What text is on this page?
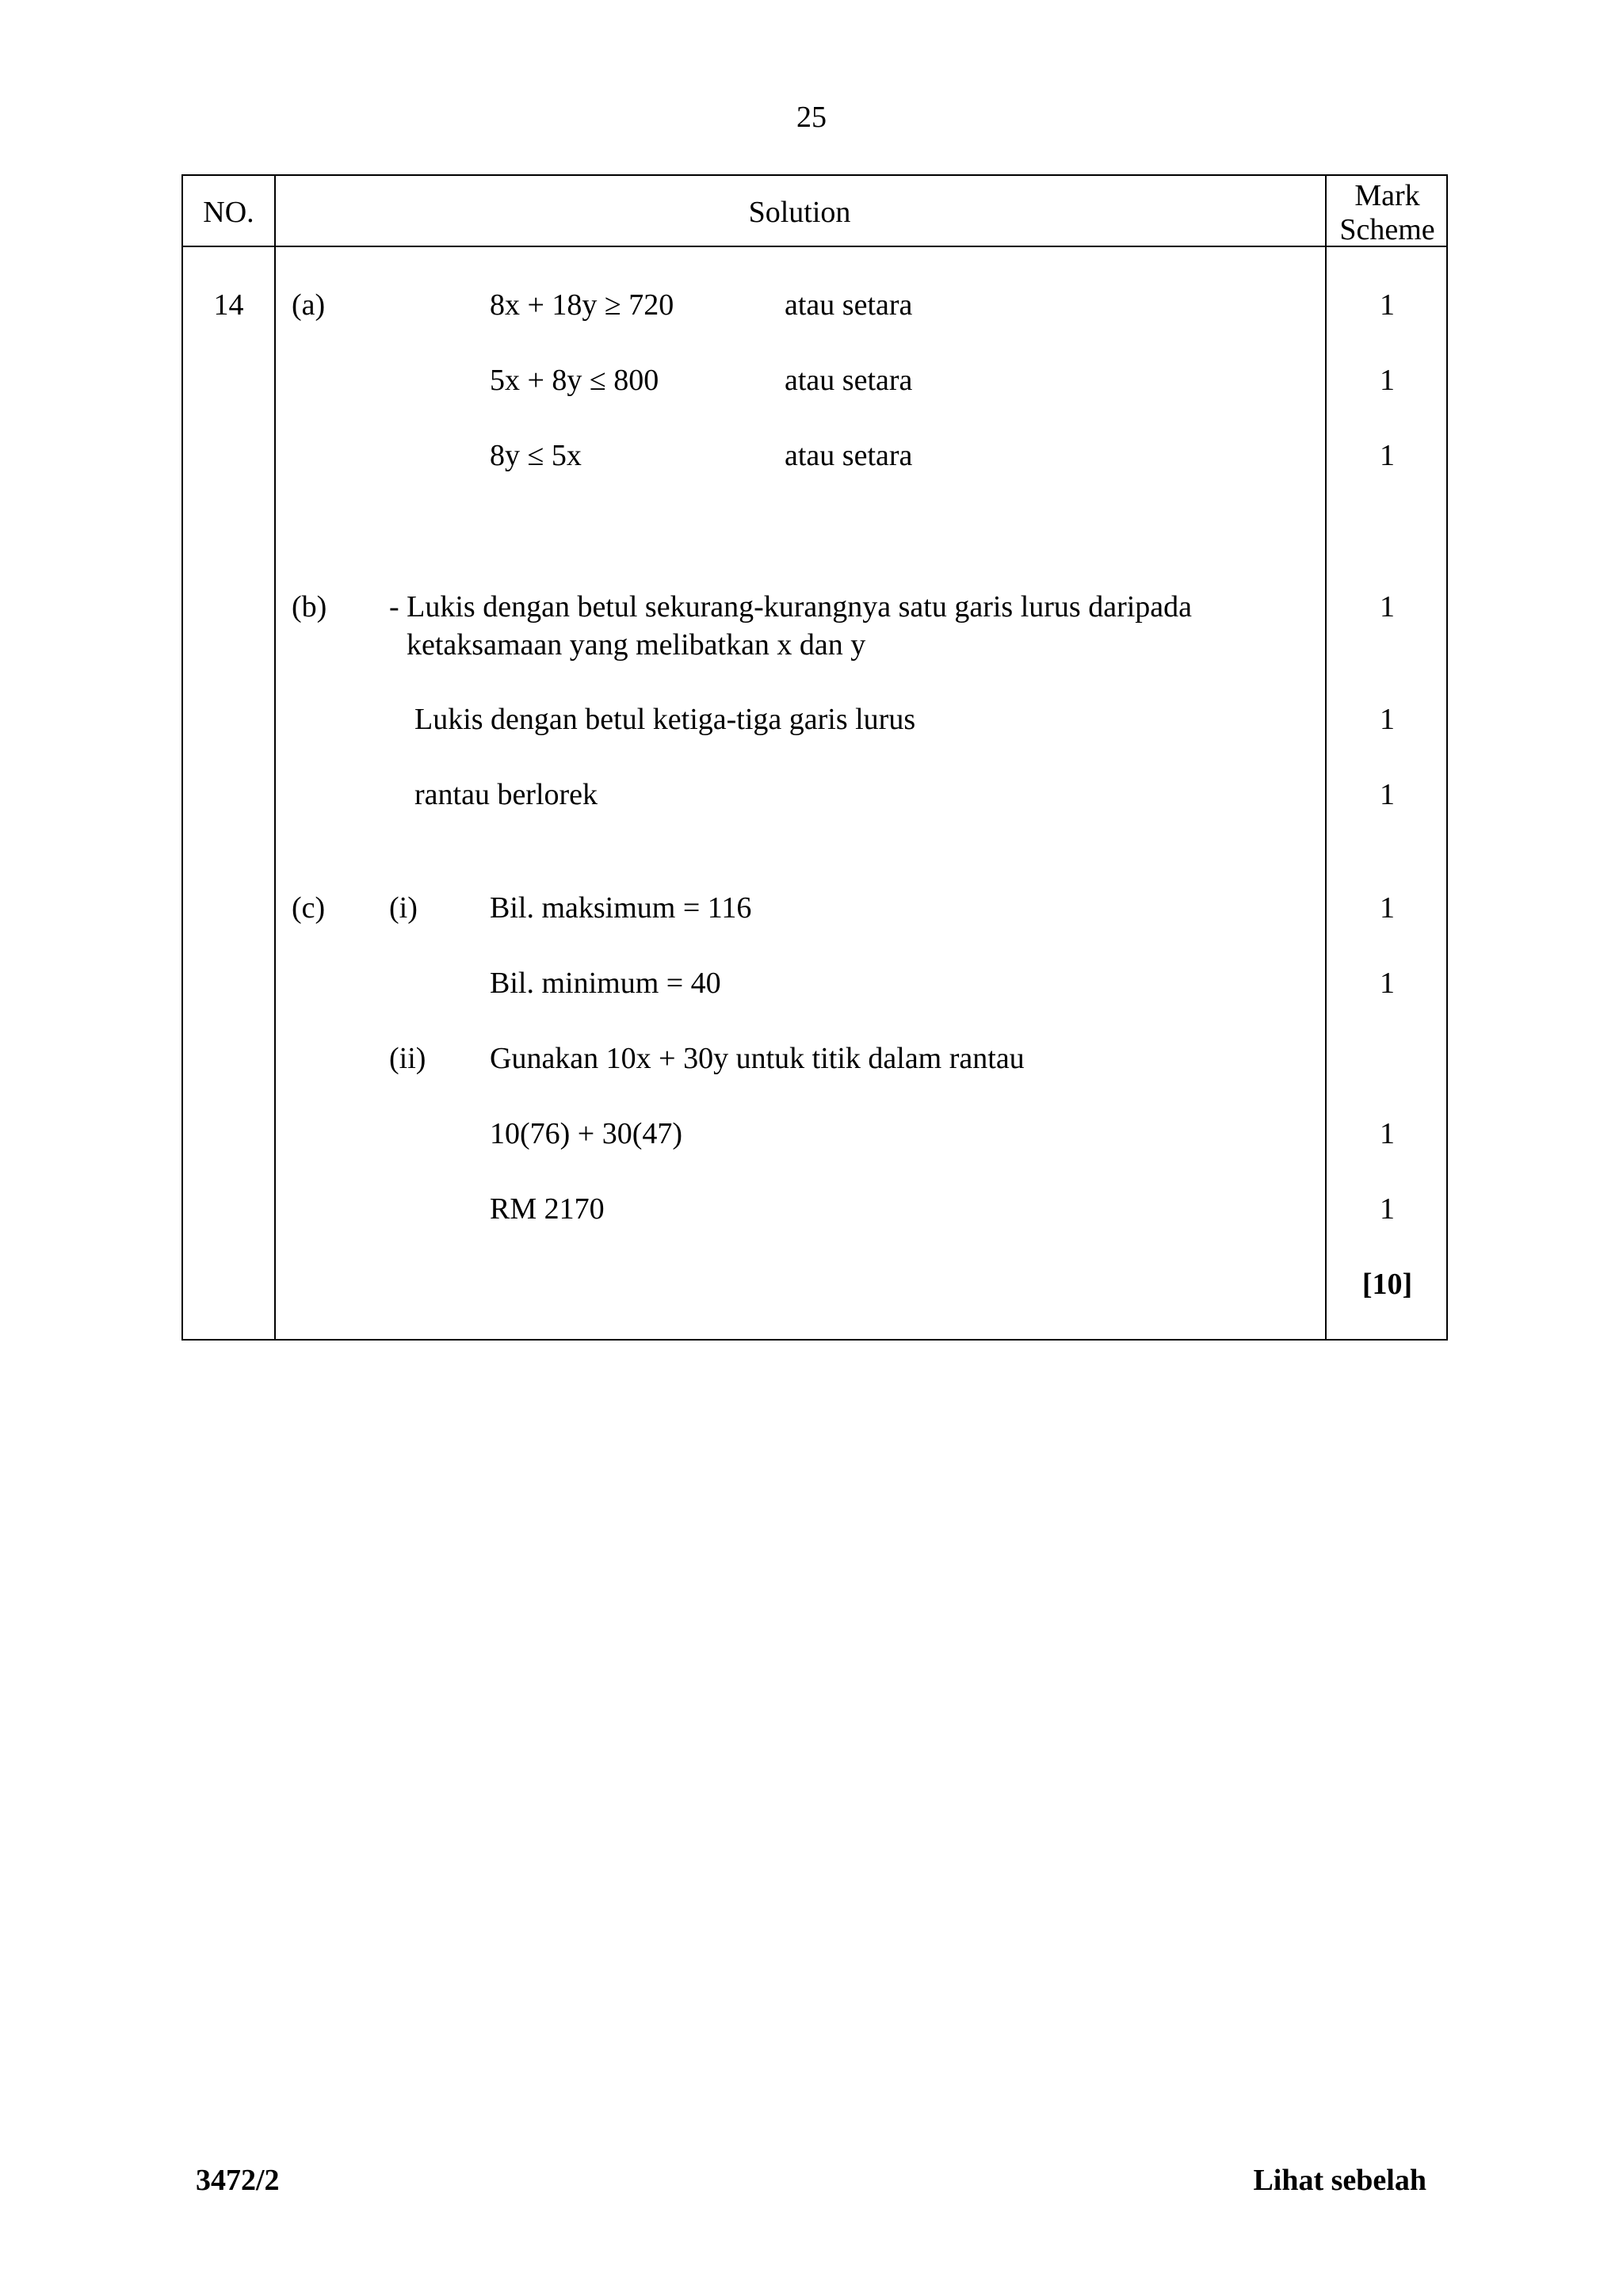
25
NO.	Solution	Mark
Scheme
14	(a)	8x + 18y ≥ 720	atau setara	1
5x + 8y ≤ 800	atau setara	1
8y ≤ 5x	atau setara	1
(b) - Lukis dengan betul sekurang-kurangnya satu garis lurus daripada
ketaksamaan yang melibatkan x dan y
1
Lukis dengan betul ketiga-tiga garis lurus	1
rantau berlorek	1
(c) (i) Bil. maksimum = 116	1
Bil. minimum = 40	1
(ii) Gunakan 10x + 30y untuk titik dalam rantau
10(76) + 30(47)	1
RM 2170	1
[10]
3472/2	Lihat sebelah
